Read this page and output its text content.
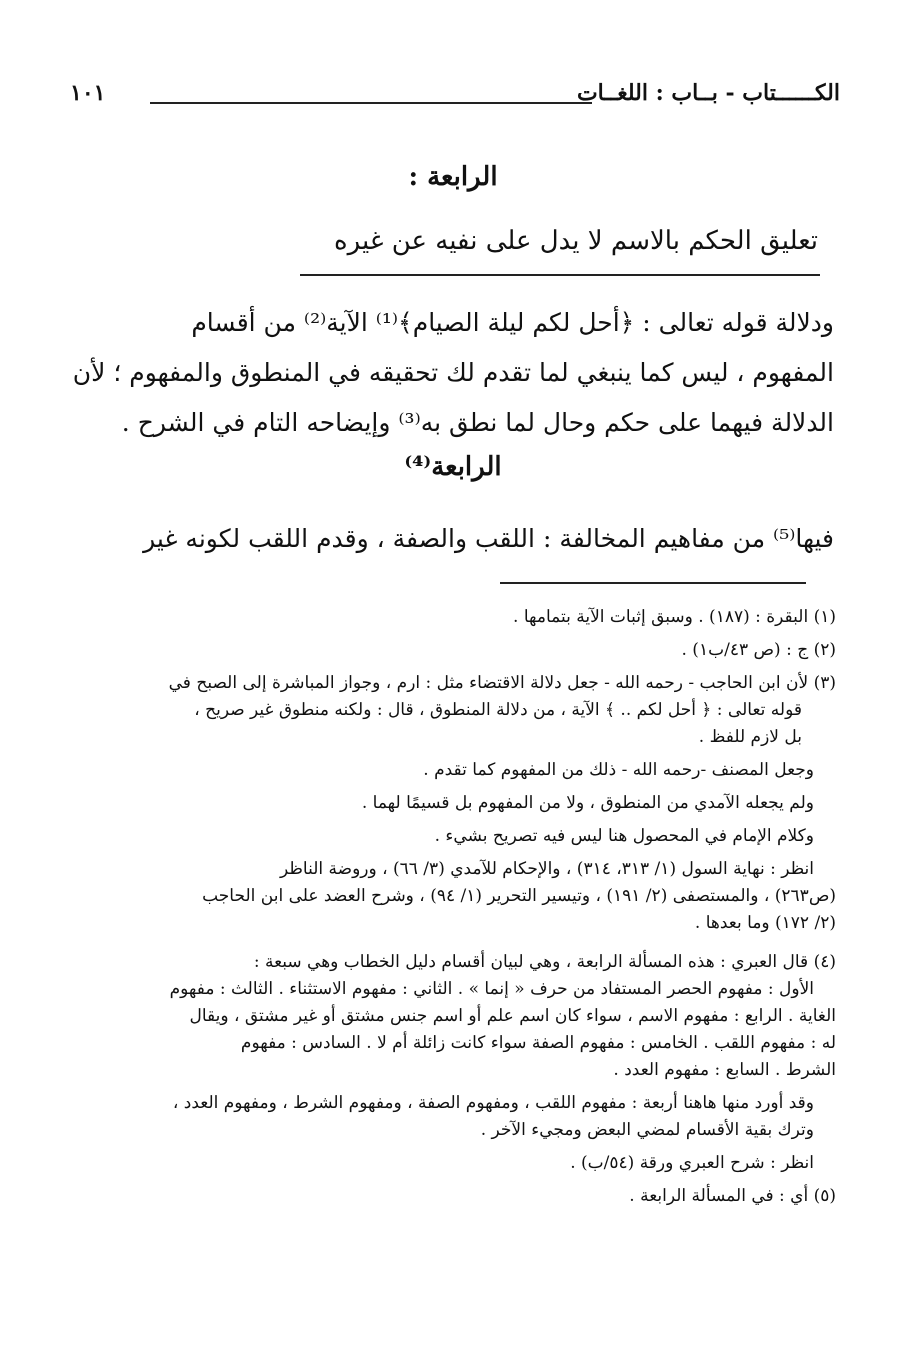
الكــــــتاب - بــاب : اللغــات
١٠١
الرابعة :
تعليق الحكم بالاسم لا يدل على نفيه عن غيره
ودلالة قوله تعالى : ﴿أحل لكم ليلة الصيام﴾⁽¹⁾ الآية⁽²⁾ من أقسام
المفهوم ، ليس كما ينبغي لما تقدم لك تحقيقه في المنطوق والمفهوم ؛ لأن
الدلالة فيهما على حكم وحال لما نطق به⁽³⁾ وإيضاحه التام في الشرح .
الرابعة⁽⁴⁾
فيها⁽⁵⁾ من مفاهيم المخالفة : اللقب والصفة ، وقدم اللقب لكونه غير
(١) البقرة : (١٨٧) . وسبق إثبات الآية بتمامها .
(٢) ج : (ص ٤٣/ب١) .
(٣) لأن ابن الحاجب - رحمه الله - جعل دلالة الاقتضاء مثل : ارم ، وجواز المباشرة إلى الصبح في
قوله تعالى : ﴿ أحل لكم .. ﴾ الآية ، من دلالة المنطوق ، قال : ولكنه منطوق غير صريح ،
بل لازم للفظ .
وجعل المصنف -رحمه الله - ذلك من المفهوم كما تقدم .
ولم يجعله الآمدي من المنطوق ، ولا من المفهوم بل قسيمًا لهما .
وكلام الإمام في المحصول هنا ليس فيه تصريح بشيء .
انظر : نهاية السول (١/ ٣١٣، ٣١٤) ، والإحكام للآمدي (٣/ ٦٦) ، وروضة الناظر
(ص٢٦٣) ، والمستصفى (٢/ ١٩١) ، وتيسير التحرير (١/ ٩٤) ، وشرح العضد على ابن الحاجب
(٢/ ١٧٢) وما بعدها .
(٤) قال العبري : هذه المسألة الرابعة ، وهي لبيان أقسام دليل الخطاب وهي سبعة :
الأول : مفهوم الحصر المستفاد من حرف « إنما » . الثاني : مفهوم الاستثناء . الثالث : مفهوم
الغاية . الرابع : مفهوم الاسم ، سواء كان اسم علم أو اسم جنس مشتق أو غير مشتق ، ويقال
له : مفهوم اللقب . الخامس : مفهوم الصفة سواء كانت زائلة أم لا . السادس : مفهوم
الشرط . السابع : مفهوم العدد .
وقد أورد منها هاهنا أربعة : مفهوم اللقب ، ومفهوم الصفة ، ومفهوم الشرط ، ومفهوم العدد ،
وترك بقية الأقسام لمضي البعض ومجيء الآخر .
انظر : شرح العبري ورقة (٥٤/ب) .
(٥) أي : في المسألة الرابعة .
